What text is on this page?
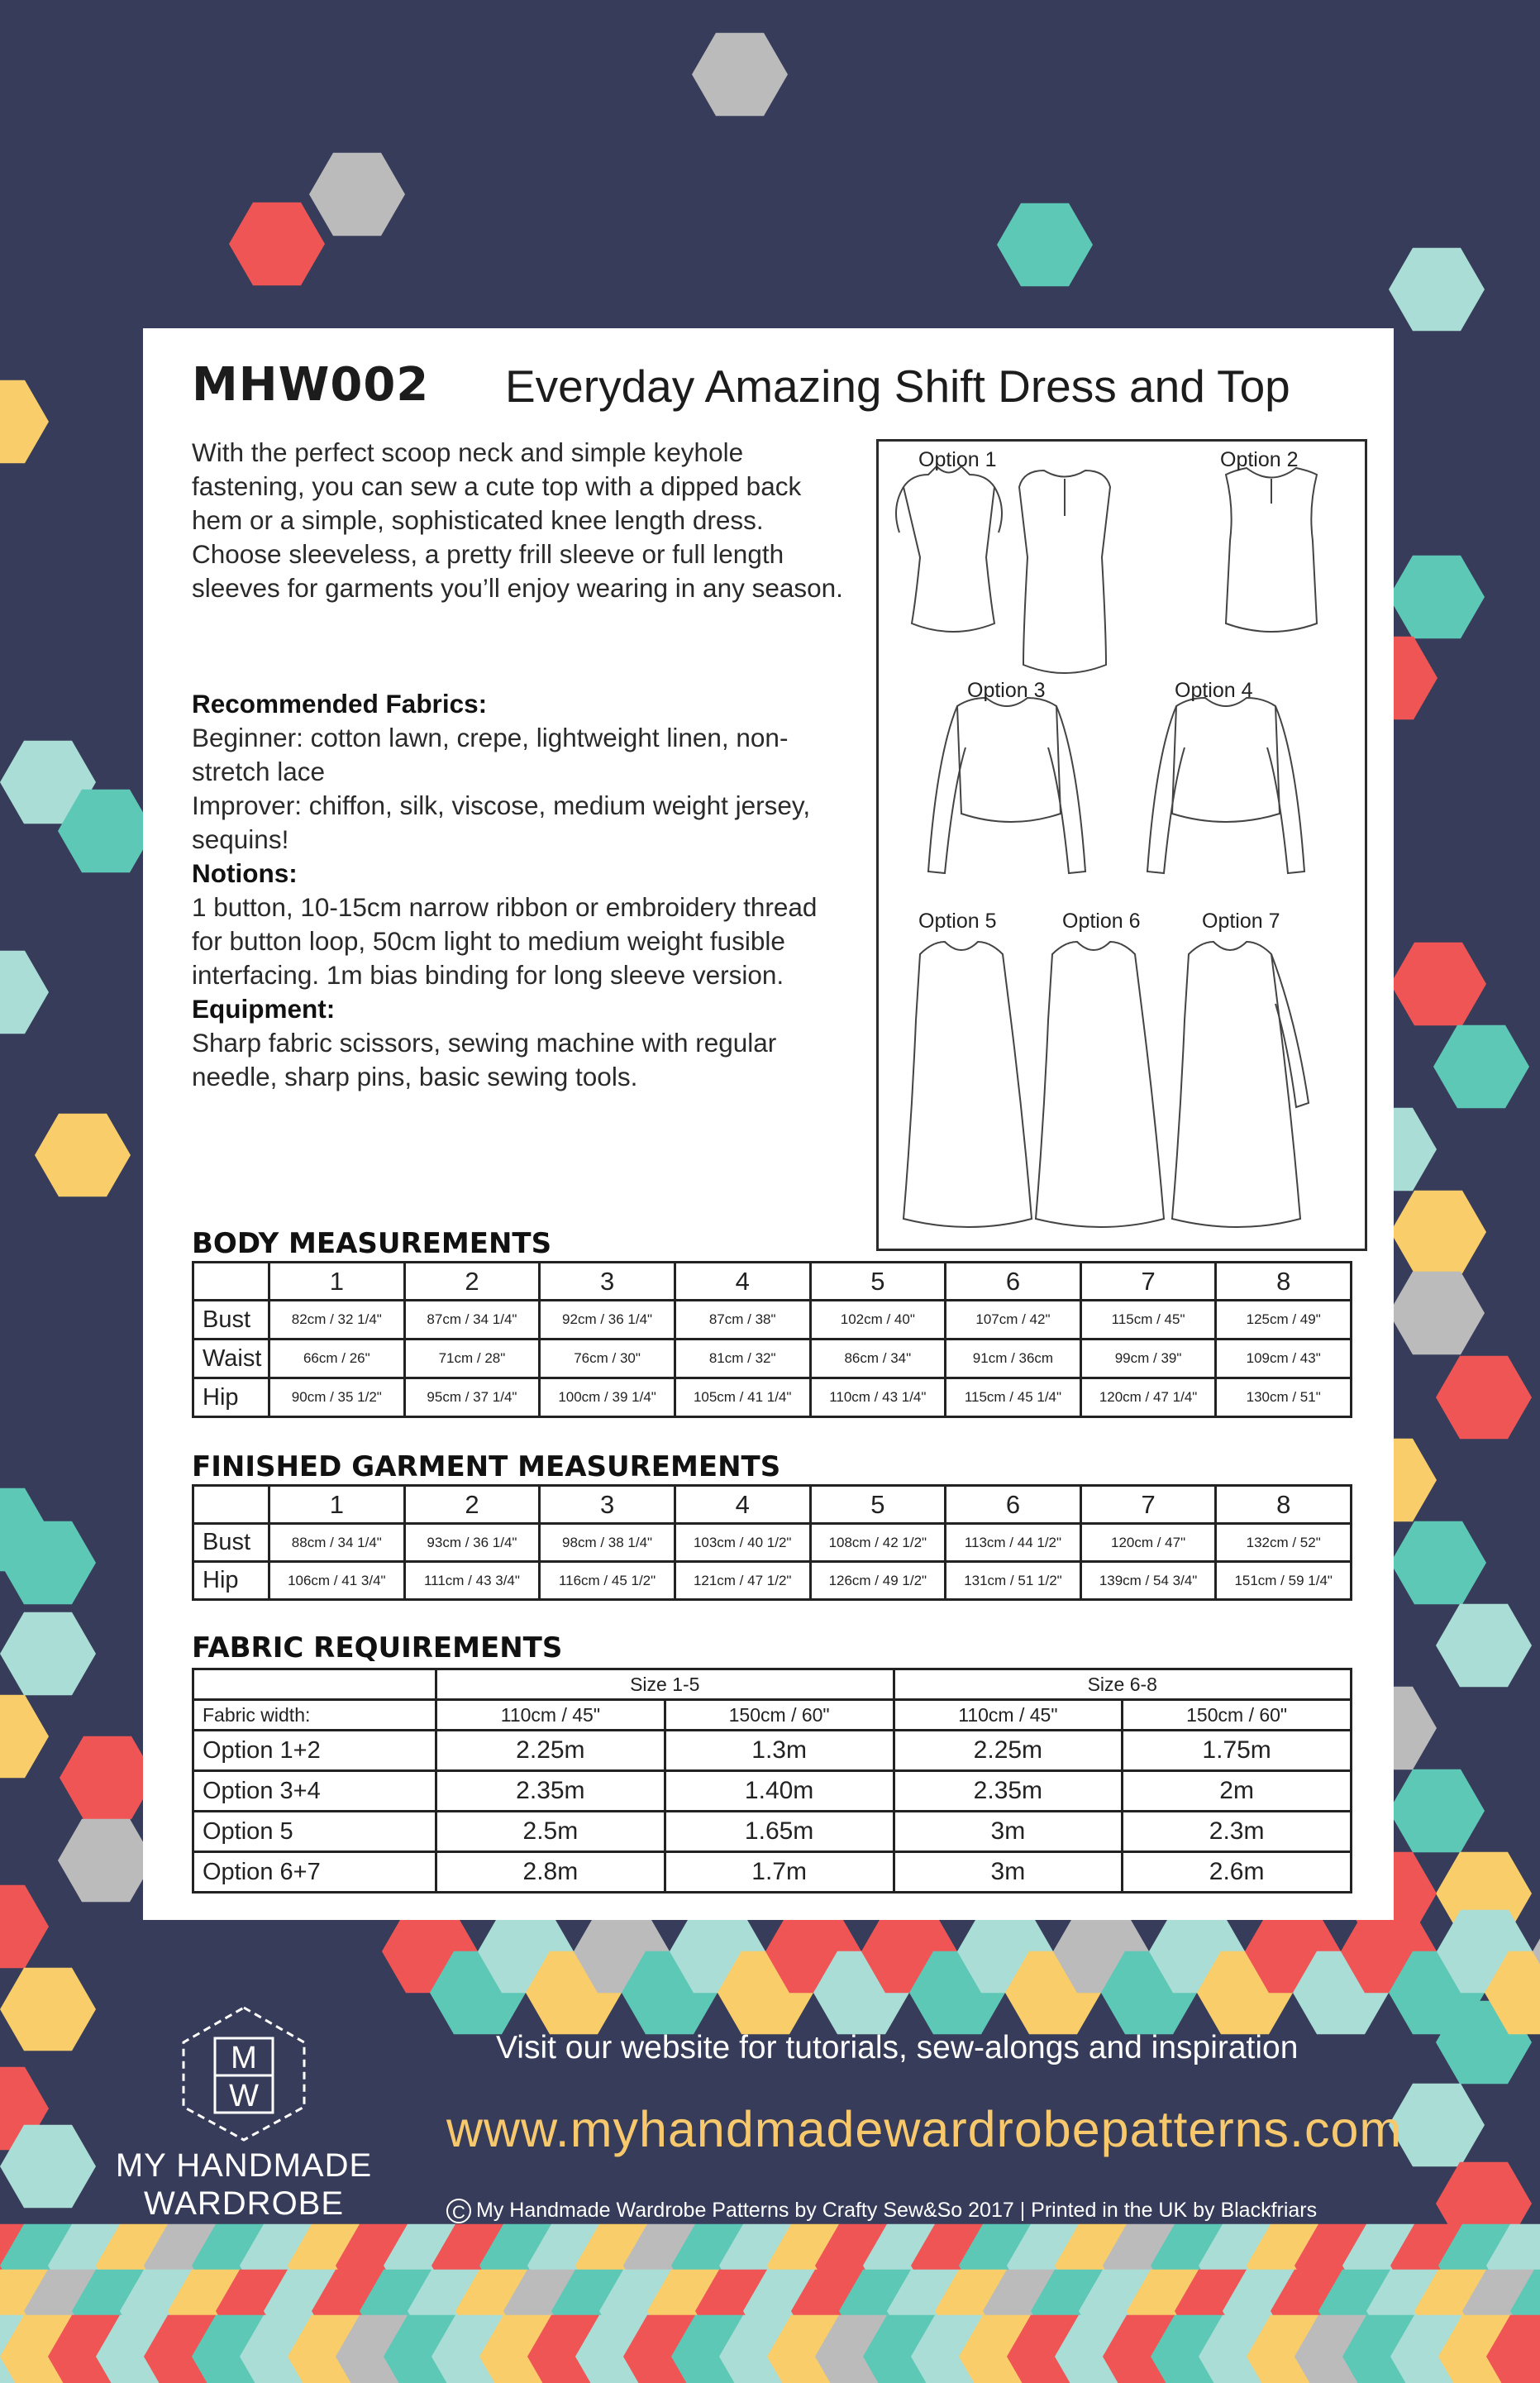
MHW002 Everyday Amazing Shift Dress and Top
With the perfect scoop neck and simple keyhole fastening, you can sew a cute top with a dipped back hem or a simple, sophisticated knee length dress. Choose sleeveless, a pretty frill sleeve or full length sleeves for garments you’ll enjoy wearing in any season.

Recommended Fabrics:

Beginner: cotton lawn, crepe, lightweight linen, non-stretch lace

Improver: chiffon, silk, viscose, medium weight jersey, sequins!

Notions:

1 button, 10-15cm narrow ribbon or embroidery thread for button loop, 50cm light to medium weight fusible interfacing. 1m bias binding for long sleeve version.

Equipment:

Sharp fabric scissors, sewing machine with regular needle, sharp pins, basic sewing tools.

Option 1	Option 2
Option 3	Option 4
Option 5	Option 6	Option 7
BODY MEASUREMENTS
	1	2	3	4	5	6	7	8
Bust	82cm / 32 1/4"	87cm / 34 1/4"	92cm / 36 1/4"	87cm / 38"	102cm / 40"	107cm / 42"	115cm / 45"	125cm / 49"
Waist	66cm / 26"	71cm / 28"	76cm / 30"	81cm / 32"	86cm / 34"	91cm / 36cm	99cm / 39"	109cm / 43"
Hip	90cm / 35 1/2"	95cm / 37 1/4"	100cm / 39 1/4"	105cm / 41 1/4"	110cm / 43 1/4"	115cm / 45 1/4"	120cm / 47 1/4"	130cm / 51"
FINISHED GARMENT MEASUREMENTS
	1	2	3	4	5	6	7	8
Bust	88cm / 34 1/4"	93cm / 36 1/4"	98cm / 38 1/4"	103cm / 40 1/2"	108cm / 42 1/2"	113cm / 44 1/2"	120cm / 47"	132cm / 52"
Hip	106cm / 41 3/4"	111cm / 43 3/4"	116cm / 45 1/2"	121cm / 47 1/2"	126cm / 49 1/2"	131cm / 51 1/2"	139cm / 54 3/4"	151cm / 59 1/4"
FABRIC REQUIREMENTS
	Size 1-5		Size 6-8	
Fabric width:	110cm / 45"	150cm / 60"	110cm / 45"	150cm / 60"
Option 1+2	2.25m	1.3m	2.25m	1.75m
Option 3+4	2.35m	1.40m	2.35m	2m
Option 5	2.5m	1.65m	3m	2.3m
Option 6+7	2.8m	1.7m	3m	2.6m
M
W
MY HANDMADE
WARDROBE
Visit our website for tutorials, sew-alongs and inspiration
www.myhandmadewardrobepatterns.com
C My Handmade Wardrobe Patterns by Crafty Sew&So 2017 | Printed in the UK by Blackfriars
